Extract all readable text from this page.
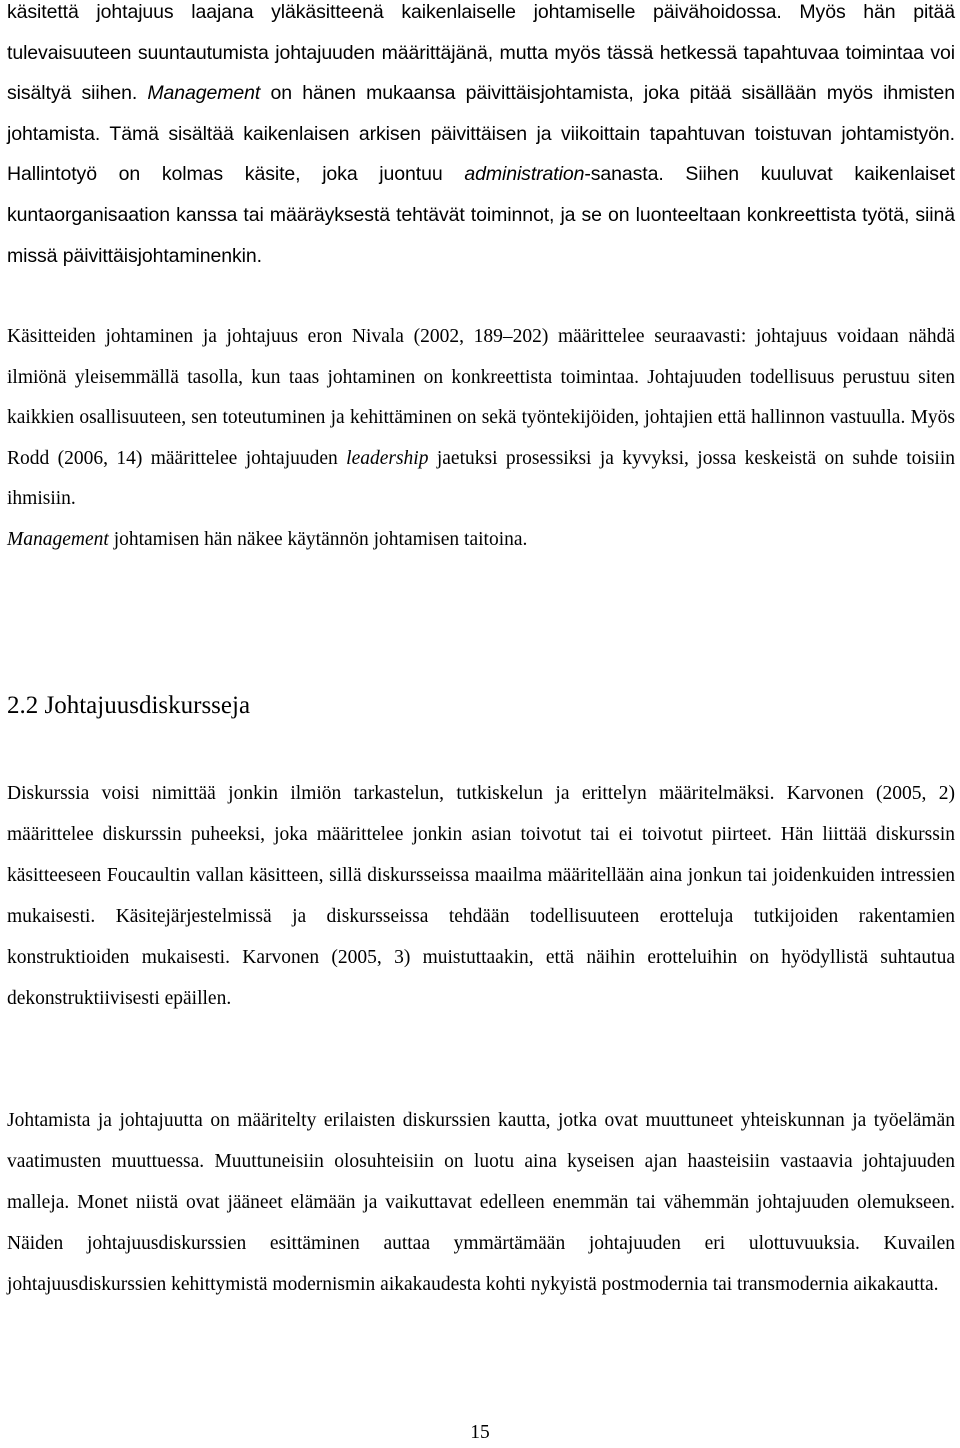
käsitettä johtajuus laajana yläkäsitteenä kaikenlaiselle johtamiselle päivähoidossa. Myös hän pitää tulevaisuuteen suuntautumista johtajuuden määrittäjänä, mutta myös tässä hetkessä tapahtuvaa toimintaa voi sisältyä siihen. Management on hänen mukaansa päivittäisjohtamista, joka pitää sisällään myös ihmisten johtamista. Tämä sisältää kaikenlaisen arkisen päivittäisen ja viikoittain tapahtuvan toistuvan johtamistyön. Hallintotyö on kolmas käsite, joka juontuu administration-sanasta. Siihen kuuluvat kaikenlaiset kuntaorganisaation kanssa tai määräyksestä tehtävät toiminnot, ja se on luonteeltaan konkreettista työtä, siinä missä päivittäisjohtaminenkin.

Käsitteiden johtaminen ja johtajuus eron Nivala (2002, 189–202) määrittelee seuraavasti: johtajuus voidaan nähdä ilmiönä yleisemmällä tasolla, kun taas johtaminen on konkreettista toimintaa. Johtajuuden todellisuus perustuu siten kaikkien osallisuuteen, sen toteutuminen ja kehittäminen on sekä työntekijöiden, johtajien että hallinnon vastuulla. Myös Rodd (2006, 14) määrittelee johtajuuden leadership jaetuksi prosessiksi ja kyvyksi, jossa keskeistä on suhde toisiin ihmisiin.
Management johtamisen hän näkee käytännön johtamisen taitoina.

2.2 Johtajuusdiskursseja

Diskurssia voisi nimittää jonkin ilmiön tarkastelun, tutkiskelun ja erittelyn määritelmäksi. Karvonen (2005, 2) määrittelee diskurssin puheeksi, joka määrittelee jonkin asian toivotut tai ei toivotut piirteet. Hän liittää diskurssin käsitteeseen Foucaultin vallan käsitteen, sillä diskursseissa maailma määritellään aina jonkun tai joidenkuiden intressien mukaisesti. Käsitejärjestelmissä ja diskursseissa tehdään todellisuuteen erotteluja tutkijoiden rakentamien konstruktioiden mukaisesti. Karvonen (2005, 3) muistuttaakin, että näihin erotteluihin on hyödyllistä suhtautua dekonstruktiivisesti epäillen.

Johtamista ja johtajuutta on määritelty erilaisten diskurssien kautta, jotka ovat muuttuneet yhteiskunnan ja työelämän vaatimusten muuttuessa. Muuttuneisiin olosuhteisiin on luotu aina kyseisen ajan haasteisiin vastaavia johtajuuden malleja. Monet niistä ovat jääneet elämään ja vaikuttavat edelleen enemmän tai vähemmän johtajuuden olemukseen. Näiden johtajuusdiskurssien esittäminen auttaa ymmärtämään johtajuuden eri ulottuvuuksia. Kuvailen johtajuusdiskurssien kehittymistä modernismin aikakaudesta kohti nykyistä postmodernia tai transmodernia aikakautta.

15
